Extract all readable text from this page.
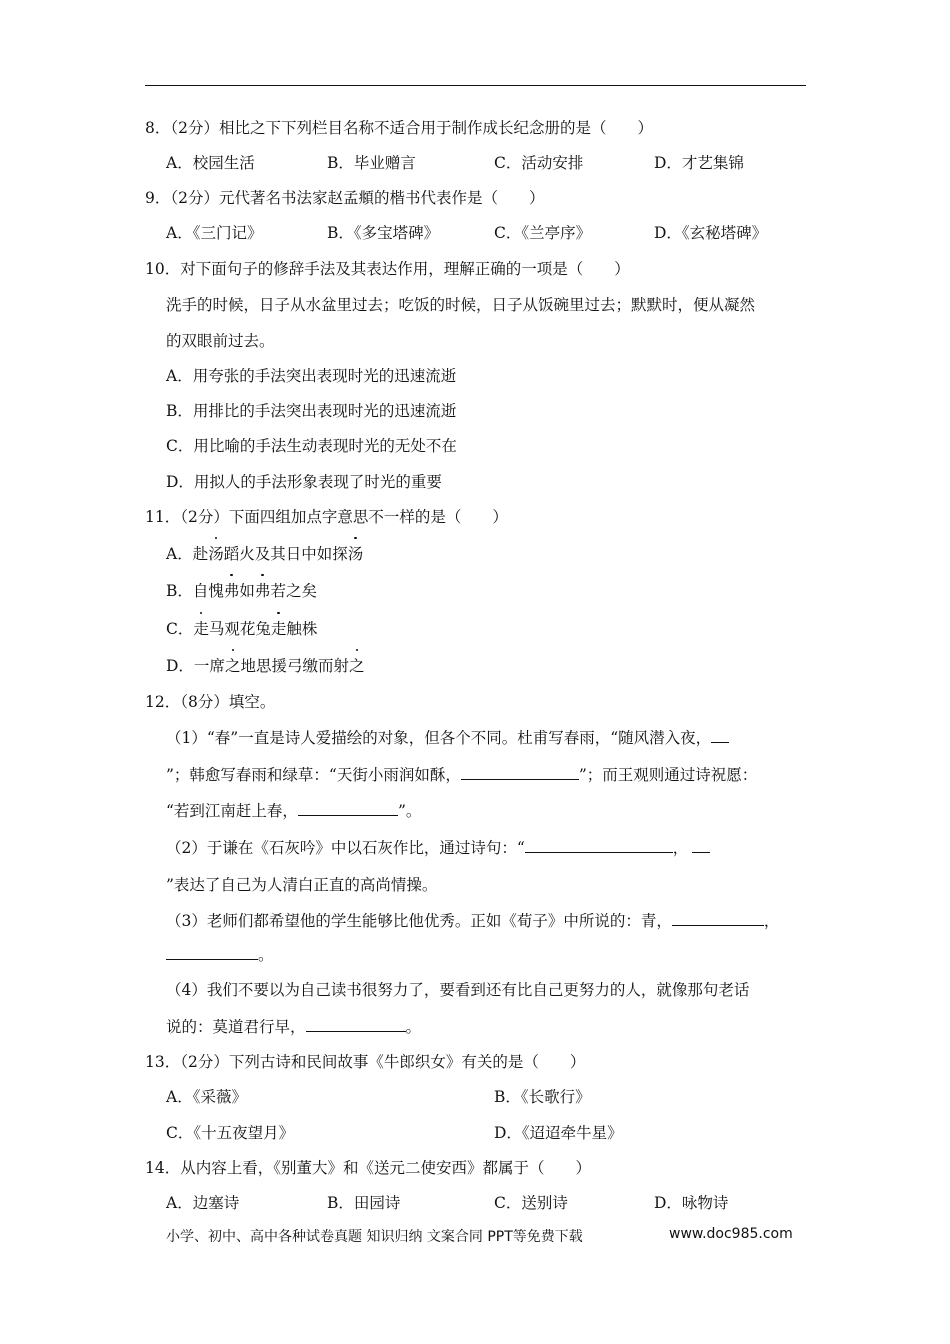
8．（2分）相比之下下列栏目名称不适合用于制作成长纪念册的是（　　）
A．校园生活	B．毕业赠言	C．活动安排	D．才艺集锦
9．（2分）元代著名书法家赵孟頫的楷书代表作是（　　）
A．《三门记》	B．《多宝塔碑》	C．《兰亭序》	D．《玄秘塔碑》
10．对下面句子的修辞手法及其表达作用，理解正确的一项是（　　）
洗手的时候，日子从水盆里过去；吃饭的时候，日子从饭碗里过去；默默时，便从凝然
的双眼前过去。
A．用夸张的手法突出表现时光的迅速流逝
B．用排比的手法突出表现时光的迅速流逝
C．用比喻的手法生动表现时光的无处不在
D．用拟人的手法形象表现了时光的重要
11．（2分）下面四组加点字意思不一样的是（　　）
A．赴汤蹈火及其日中如探汤
B．自愧弗如弗若之矣
C．走马观花兔走触株
D．一席之地思援弓缴而射之
12．（8分）填空。
（1）“春”一直是诗人爱描绘的对象，但各个不同。杜甫写春雨，“随风潜入夜，
”；韩愈写春雨和绿草：“天街小雨润如酥，	”；而王观则通过诗祝愿：
“若到江南赶上春，	”。
（2）于谦在《石灰吟》中以石灰作比，通过诗句：“	，
”表达了自己为人清白正直的高尚情操。
（3）老师们都希望他的学生能够比他优秀。正如《荀子》中所说的：青，	，
。
（4）我们不要以为自己读书很努力了，要看到还有比自己更努力的人，就像那句老话
说的：莫道君行早，	。
13．（2分）下列古诗和民间故事《牛郎织女》有关的是（　　）
A．《采薇》	B．《长歌行》
C．《十五夜望月》	D．《迢迢牵牛星》
14．从内容上看，《别董大》和《送元二使安西》都属于（　　）
A．边塞诗	B．田园诗	C．送别诗	D．咏物诗
小学、初中、高中各种试卷真题 知识归纳 文案合同 PPT等免费下载	www.doc985.com
